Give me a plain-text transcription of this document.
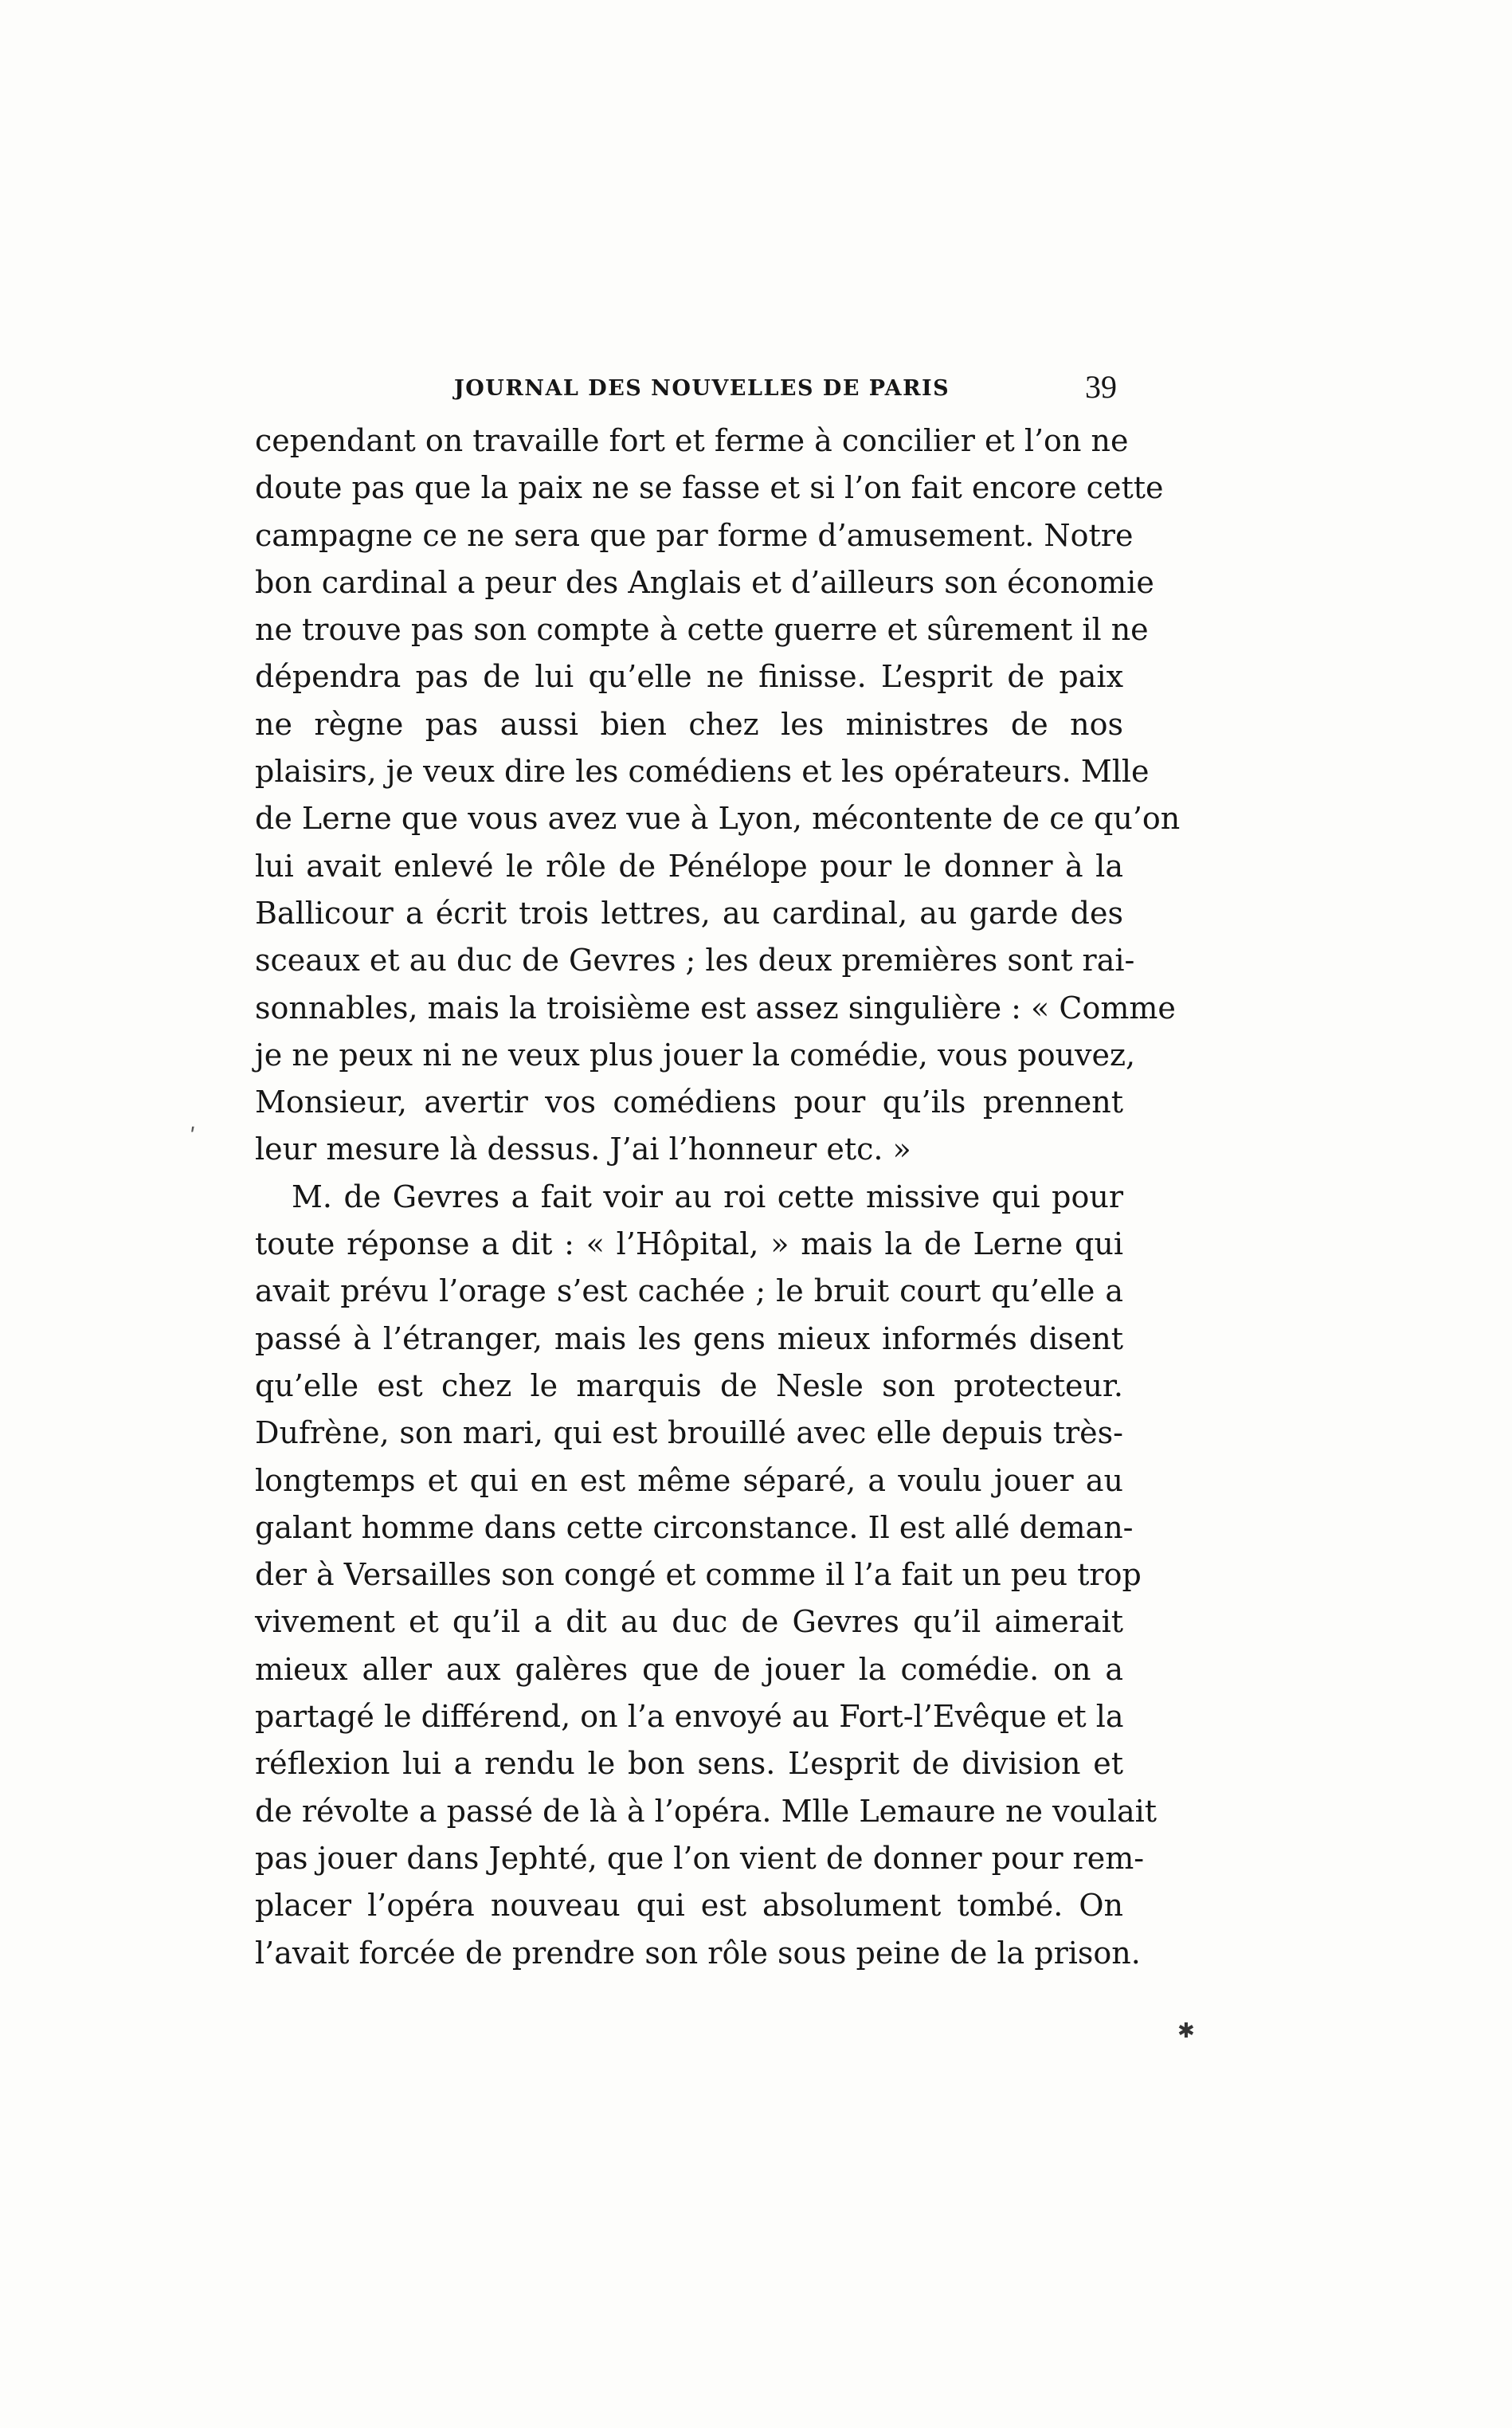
JOURNAL DES NOUVELLES DE PARIS	39
cependant on travaille fort et ferme à concilier et l’on ne
doute pas que la paix ne se fasse et si l’on fait encore cette
campagne ce ne sera que par forme d’amusement. Notre
bon cardinal a peur des Anglais et d’ailleurs son économie
ne trouve pas son compte à cette guerre et sûrement il ne
dépendra pas de lui qu’elle ne finisse. L’esprit de paix
ne règne pas aussi bien chez les ministres de nos
plaisirs, je veux dire les comédiens et les opérateurs. Mlle
de Lerne que vous avez vue à Lyon, mécontente de ce qu’on
lui avait enlevé le rôle de Pénélope pour le donner à la
Ballicour a écrit trois lettres, au cardinal, au garde des
sceaux et au duc de Gevres ; les deux premières sont rai-
sonnables, mais la troisième est assez singulière : « Comme
je ne peux ni ne veux plus jouer la comédie, vous pouvez,
Monsieur, avertir vos comédiens pour qu’ils prennent
leur mesure là dessus. J’ai l’honneur etc. »
M. de Gevres a fait voir au roi cette missive qui pour
toute réponse a dit : « l’Hôpital, » mais la de Lerne qui
avait prévu l’orage s’est cachée ; le bruit court qu’elle a
passé à l’étranger, mais les gens mieux informés disent
qu’elle est chez le marquis de Nesle son protecteur.
Dufrène, son mari, qui est brouillé avec elle depuis très-
longtemps et qui en est même séparé, a voulu jouer au
galant homme dans cette circonstance. Il est allé deman-
der à Versailles son congé et comme il l’a fait un peu trop
vivement et qu’il a dit au duc de Gevres qu’il aimerait
mieux aller aux galères que de jouer la comédie. on a
partagé le différend, on l’a envoyé au Fort-l’Evêque et la
réflexion lui a rendu le bon sens. L’esprit de division et
de révolte a passé de là à l’opéra. Mlle Lemaure ne voulait
pas jouer dans Jephté, que l’on vient de donner pour rem-
placer l’opéra nouveau qui est absolument tombé. On
l’avait forcée de prendre son rôle sous peine de la prison.
ʹ
✱
